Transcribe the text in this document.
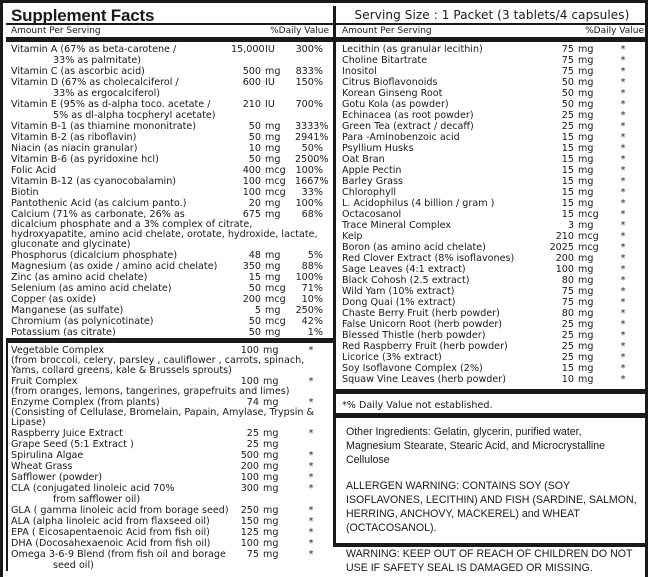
Supplement Facts
Amount Per Serving	%Daily Value
Vitamin A (67% as beta-carotene /	15,000 IU	300%
33% as palmitate)
Vitamin C (as ascorbic acid)	500 mg	833%
Vitamin D (67% as cholecalciferol /	600 IU	150%
33% as ergocalciferol)
Vitamin E (95% as d-alpha toco. acetate /	210 IU	700%
5% as dl-alpha tocpheryl acetate)
Vitamin B-1 (as thiamine mononitrate)	50 mg	3333%
Vitamin B-2 (as riboflavin)	50 mg	2941%
Niacin (as niacin granular)	10 mg	50%
Vitamin B-6 (as pyridoxine hcl)	50 mg	2500%
Folic Acid	400 mcg	100%
Vitamin B-12 (as cyanocobalamin)	100 mcg 1667%
Biotin	100 mcg	33%
Pantothenic Acid (as calcium panto.)	20 mg	100%
Calcium (71% as carbonate, 26% as	675 mg	68%
dicalcium phosphate and a 3% complex of citrate, hydroxyapatite, amino acid chelate, orotate, hydroxide, lactate, gluconate and glycinate)
Phosphorus (dicalcium phosphate)	48 mg	5%
Magnesium (as oxide / amino acid chelate)	350 mg	88%
Zinc (as amino acid chelate)	15 mg	100%
Selenium (as amino acid chelate)	50 mcg	71%
Copper (as oxide)	200 mcg	10%
Manganese (as sulfate)	5 mg	250%
Chromium (as polynicotinate)	50 mcg	42%
Potassium (as citrate)	50 mg	1%
Vegetable Complex	100 mg	*
(from broccoli, celery, parsley , cauliflower , carrots, spinach, Yams, collard greens, kale & Brussels sprouts)
Fruit Complex	100 mg	*
(from oranges, lemons, tangerines, grapefruits and limes)
Enzyme Complex (from plants)	74 mg	*
(Consisting of Cellulase, Bromelain, Papain, Amylase, Trypsin & Lipase)
Raspberry Juice Extract	25 mg	*
Grape Seed (5:1 Extract )	25 mg
Spirulina Algae	500 mg	*
Wheat Grass	200 mg	*
Safflower (powder)	100 mg	*
CLA (conjugated linoleic acid 70%	300 mg	*
from safflower oil)
GLA ( gamma linoleic acid from borage seed)	250 mg	*
ALA (alpha linoleic acid from flaxseed oil)	150 mg	*
EPA ( Eicosapentaenoic Acid from fish oil)	125 mg	*
DHA (Docosahexaenoic Acid from fish oil)	100 mg	*
Omega 3-6-9 Blend (from fish oil and borage	75 mg	*
seed oil)
Serving Size : 1 Packet (3 tablets/4 capsules)
Amount Per Serving	%Daily Value
Lecithin (as granular lecithin)	75 mg	*
Choline Bitartrate	75 mg	*
Inositol	75 mg	*
Citrus Bioflavonoids	50 mg	*
Korean Ginseng Root	50 mg	*
Gotu Kola (as powder)	50 mg	*
Echinacea (as root powder)	25 mg	*
Green Tea (extract / decaff)	25 mg	*
Para -Aminobenzoic acid	15 mg	*
Psyllium Husks	15 mg	*
Oat Bran	15 mg	*
Apple Pectin	15 mg	*
Barley Grass	15 mg	*
Chlorophyll	15 mg	*
L. Acidophilus (4 billion / gram )	15 mg	*
Octacosanol	15 mcg	*
Trace Mineral Complex	3 mg	*
Kelp	210 mcg	*
Boron (as amino acid chelate)	2025 mcg	*
Red Clover Extract (8% isoflavones)	200 mg	*
Sage Leaves (4:1 extract)	100 mg	*
Black Cohosh (2.5 extract)	80 mg	*
Wild Yam (10% extract)	75 mg	*
Dong Quai (1% extract)	75 mg	*
Chaste Berry Fruit (herb powder)	80 mg	*
False Unicorn Root (herb powder)	25 mg	*
Blessed Thistle (herb powder)	25 mg	*
Red Raspberry Fruit (herb powder)	25 mg	*
Licorice (3% extract)	25 mg	*
Soy Isoflavone Complex (2%)	15 mg	*
Squaw Vine Leaves (herb powder)	10 mg	*
*% Daily Value not established.

Other Ingredients: Gelatin, glycerin, purified water, Magnesium Stearate, Stearic Acid, and Microcrystalline Cellulose

ALLERGEN WARNING: CONTAINS SOY (SOY ISOFLAVONES, LECITHIN) AND FISH (SARDINE, SALMON, HERRING, ANCHOVY, MACKEREL) and WHEAT (OCTACOSANOL).

WARNING: KEEP OUT OF REACH OF CHILDREN DO NOT USE IF SAFETY SEAL IS DAMAGED OR MISSING.
